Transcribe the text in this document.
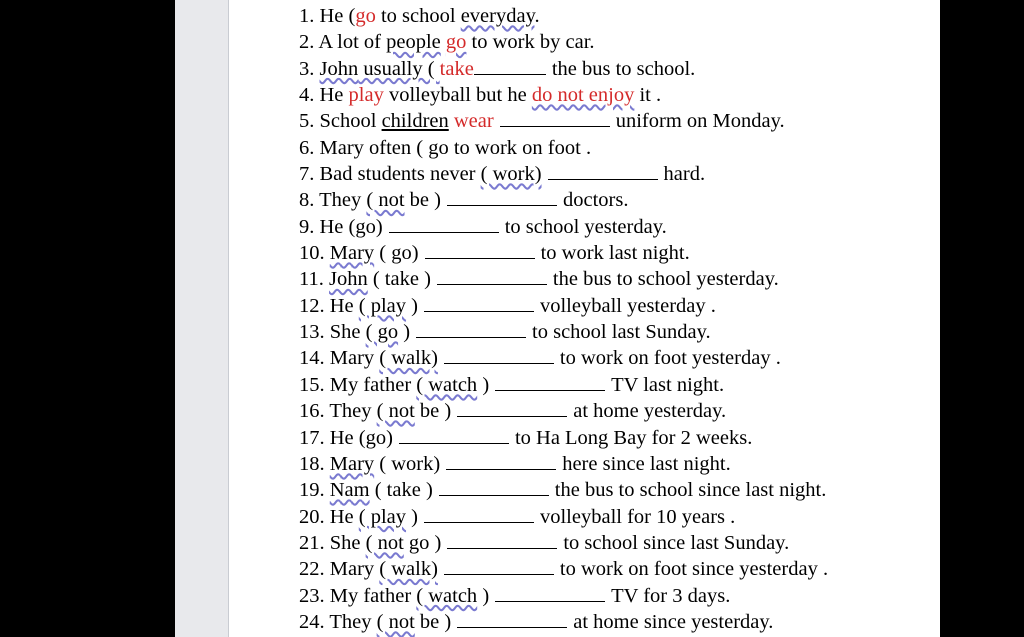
1. He (go to school everyday.
2. A lot of people go to work by car.
3. John usually ( take	the bus to school.
4. He play volleyball but he do not enjoy it .
5. School children wear	uniform on Monday.
6. Mary often ( go to work on foot .
7. Bad students never ( work)	hard.
8. They ( not be )	doctors.
9. He (go)	to school yesterday.
10. Mary ( go)	to work last night.
11. John ( take )	the bus to school yesterday.
12. He ( play )	volleyball yesterday .
13. She ( go )	to school last Sunday.
14. Mary ( walk)	to work on foot yesterday .
15. My father ( watch )	TV last night.
16. They ( not be )	at home yesterday.
17. He (go)	to Ha Long Bay for 2 weeks.
18. Mary ( work)	here since last night.
19. Nam ( take )	the bus to school since last night.
20. He ( play )	volleyball for 10 years .
21. She ( not go )	to school since last Sunday.
22. Mary ( walk)	to work on foot since yesterday .
23. My father ( watch )	TV for 3 days.
24. They ( not be )	at home since yesterday.
